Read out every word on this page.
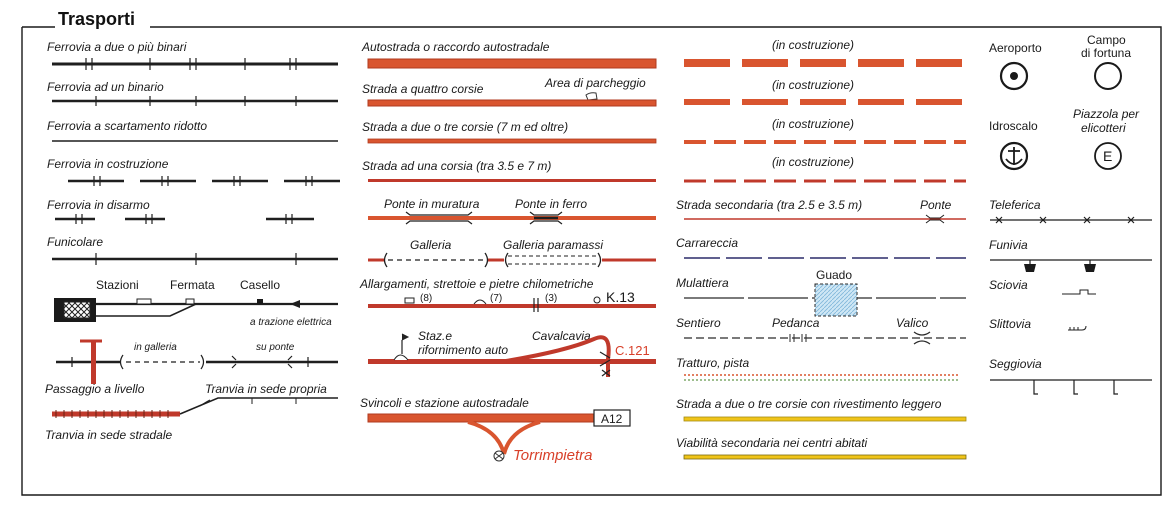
Trasporti
Ferrovia a due o più binari
Ferrovia ad un binario
Ferrovia a scartamento ridotto
Ferrovia in costruzione
Ferrovia in disarmo
Funicolare
Stazioni	Fermata Casello
a trazione elettrica
in galleria	su ponte
Passaggio a livello	Tranvia in sede propria
Tranvia in sede stradale
Autostrada o raccordo autostradale
Strada a quattro corsie	Area di parcheggio
Strada a due o tre corsie (7 m ed oltre)
Strada ad una corsia (tra 3.5 e 7 m)
Ponte in muratura	Ponte in ferro
Galleria	Galleria paramassi
Allargamenti, strettoie e pietre chilometriche
(8)	(7)	(3)	K.13
Staz.e
rifornimento auto
Cavalcavia
C.121
Svincoli e stazione autostradale
A12
Torrimpietra
(in costruzione)
(in costruzione)
(in costruzione)
(in costruzione)
Strada secondaria (tra 2.5 e 3.5 m)	Ponte
Carrareccia
Mulattiera
Guado
Sentiero	Pedanca	Valico
Tratturo, pista
Strada a due o tre corsie con rivestimento leggero
Viabilità secondaria nei centri abitati
Aeroporto
Campo
di fortuna
Idroscalo
Piazzola per
elicotteri
E
Teleferica
Funivia
Sciovia
Slittovia
Seggiovia
